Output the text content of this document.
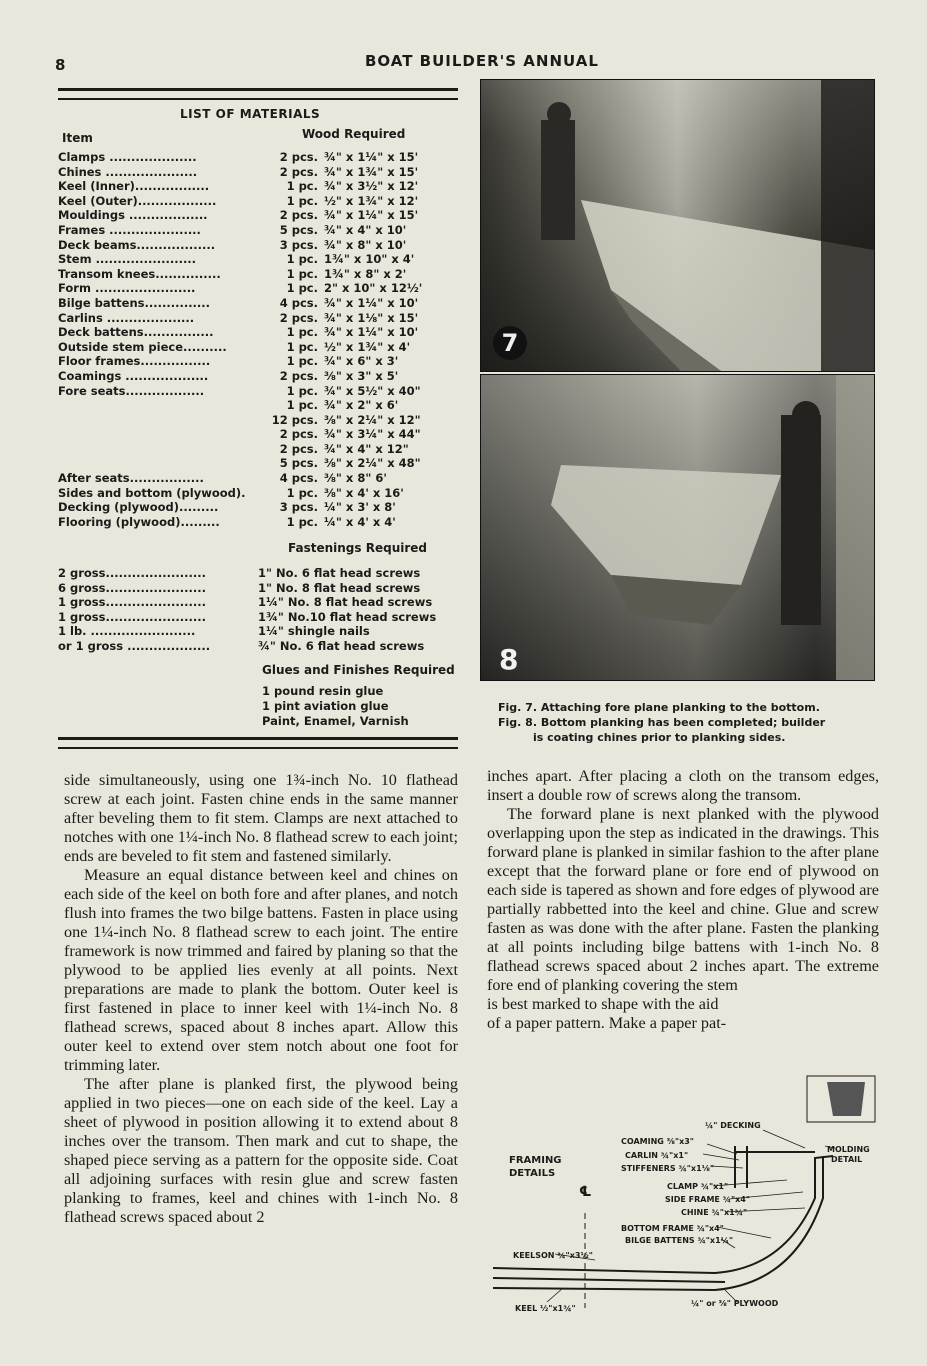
8	BOAT BUILDER'S ANNUAL
LIST OF MATERIALS
Item	Wood Required
Clamps ....................	2 pcs. ¾" x 1¼" x 15'
Chines .....................	2 pcs. ¾" x 1¾" x 15'
Keel (Inner).................	1 pc. ¾" x 3½" x 12'
Keel (Outer)..................	1 pc. ½" x 1¾" x 12'
Mouldings ..................	2 pcs. ¾" x 1¼" x 15'
Frames .....................	5 pcs. ¾" x 4" x 10'
Deck beams..................	3 pcs. ¾" x 8" x 10'
Stem .......................	1 pc. 1¾" x 10" x 4'
Transom knees...............	1 pc. 1¾" x 8" x 2'
Form .......................	1 pc. 2" x 10" x 12½'
Bilge battens...............	4 pcs. ¾" x 1¼" x 10'
Carlins ....................	2 pcs. ¾" x 1⅛" x 15'
Deck battens................	1 pc. ¾" x 1¼" x 10'
Outside stem piece..........	1 pc. ½" x 1¾" x 4'
Floor frames................	1 pc. ¾" x 6" x 3'
Coamings ...................	2 pcs. ⅜" x 3" x 5'
Fore seats..................	1 pc. ¾" x 5½" x 40"
1 pc. ¾" x 2" x 6'
12 pcs. ⅜" x 2¼" x 12"
2 pcs. ¾" x 3¼" x 44"
2 pcs. ¾" x 4" x 12"
5 pcs. ⅜" x 2¼" x 48"
After seats.................	4 pcs. ⅜" x 8" 6'
Sides and bottom (plywood).	1 pc. ⅜" x 4' x 16'
Decking (plywood).........	3 pcs. ¼" x 3' x 8'
Flooring (plywood).........	1 pc. ¼" x 4' x 4'
Fastenings Required
2 gross.......................	1" No. 6 flat head screws
6 gross.......................	1" No. 8 flat head screws
1 gross.......................	1¼" No. 8 flat head screws
1 gross.......................	1¾" No.10 flat head screws
1 lb. ........................	1¼" shingle nails
or 1 gross ...................	¾" No. 6 flat head screws
Glues and Finishes Required
1 pound resin glue
1 pint aviation glue
Paint, Enamel, Varnish
7
8
Fig. 7. Attaching fore plane planking to the bottom.
Fig. 8. Bottom planking has been completed; builder
is coating chines prior to planking sides.

side simultaneously, using one 1¾-inch No. 10 flathead screw at each joint. Fasten chine ends in the same manner after beveling them to fit stem. Clamps are next attached to notches with one 1¼-inch No. 8 flathead screw to each joint; ends are beveled to fit stem and fastened similarly.

Measure an equal distance between keel and chines on each side of the keel on both fore and after planes, and notch flush into frames the two bilge battens. Fasten in place using one 1¼-inch No. 8 flathead screw to each joint. The entire framework is now trimmed and faired by planing so that the plywood to be applied lies evenly at all points. Next preparations are made to plank the bottom. Outer keel is first fastened in place to inner keel with 1¼-inch No. 8 flathead screws, spaced about 8 inches apart. Allow this outer keel to extend over stem notch about one foot for trimming later.

The after plane is planked first, the plywood being applied in two pieces—one on each side of the keel. Lay a sheet of plywood in position allowing it to extend about 8 inches over the transom. Then mark and cut to shape, the shaped piece serving as a pattern for the opposite side. Coat all adjoining surfaces with resin glue and screw fasten planking to frames, keel and chines with 1-inch No. 8 flathead screws spaced about 2

inches apart. After placing a cloth on the transom edges, insert a double row of screws along the transom.

The forward plane is next planked with the plywood overlapping upon the step as indicated in the drawings. This forward plane is planked in similar fashion to the after plane except that the forward plane or fore end of plywood on each side is tapered as shown and fore edges of plywood are partially rabbetted into the keel and chine. Glue and screw fasten as was done with the after plane. Fasten the planking at all points including bilge battens with 1-inch No. 8 flathead screws spaced about 2 inches apart. The extreme fore end of planking covering the stem

is best marked to shape with the aid

of a paper pattern. Make a paper pat-

FRAMING
DETAILS
¼" DECKING
COAMING ⅜"x3"
CARLIN ¾"x1"
STIFFENERS ¾"x1⅛"
CLAMP ¾"x1"
SIDE FRAME ¾"x4"
CHINE ¾"x1¾"
BOTTOM FRAME ¾"x4"
BILGE BATTENS ¾"x1¼"
KEELSON ¾"x3½"
KEEL ½"x1¾"
¼" or ⅜" PLYWOOD
MOLDING
DETAIL
℄
